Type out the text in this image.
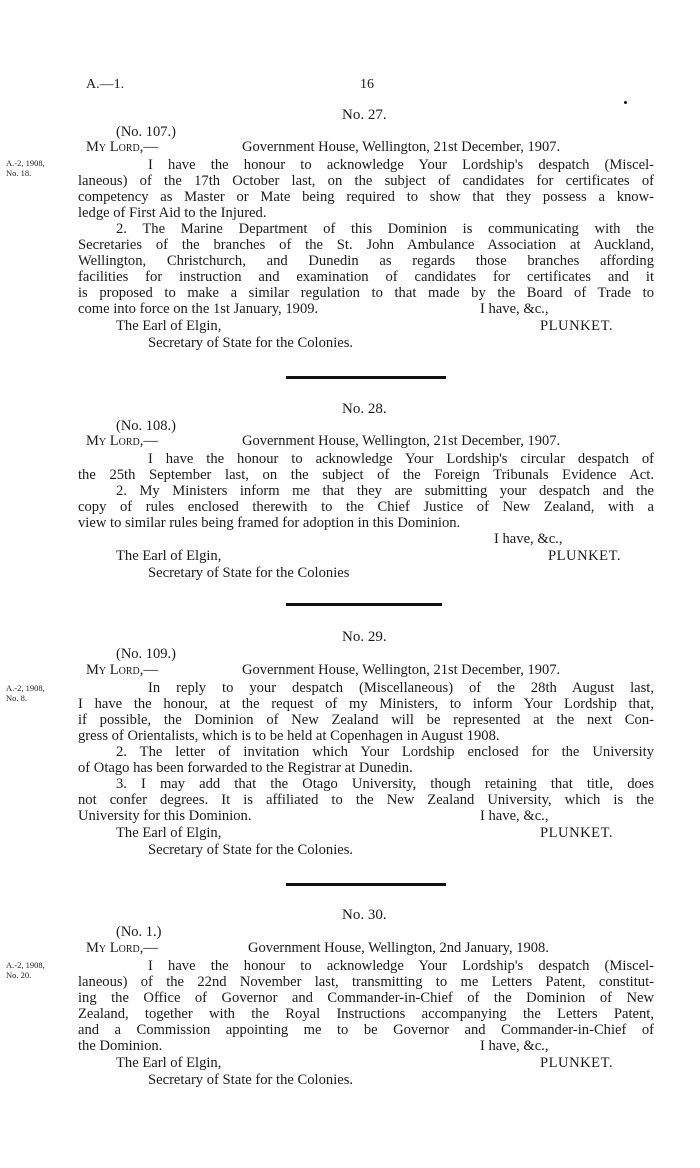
A.—1.	16
No. 27.
(No. 107.)
My Lord,—	Government House, Wellington, 21st December, 1907.
A.-2, 1908,
No. 18.	I have the honour to acknowledge Your Lordship's despatch (Miscel-
laneous) of the 17th October last, on the subject of candidates for certificates of
competency as Master or Mate being required to show that they possess a know-
ledge of First Aid to the Injured.
2. The Marine Department of this Dominion is communicating with the
Secretaries of the branches of the St. John Ambulance Association at Auckland,
Wellington, Christchurch, and Dunedin as regards those branches affording
facilities for instruction and examination of candidates for certificates and it
is proposed to make a similar regulation to that made by the Board of Trade to
come into force on the 1st January, 1909.	I have, &c.,
The Earl of Elgin,	PLUNKET.
Secretary of State for the Colonies.
No. 28.
(No. 108.)
My Lord,—	Government House, Wellington, 21st December, 1907.
I have the honour to acknowledge Your Lordship's circular despatch of
the 25th September last, on the subject of the Foreign Tribunals Evidence Act.
2. My Ministers inform me that they are submitting your despatch and the
copy of rules enclosed therewith to the Chief Justice of New Zealand, with a
view to similar rules being framed for adoption in this Dominion.
I have, &c.,
The Earl of Elgin,	PLUNKET.
Secretary of State for the Colonies
No. 29.
(No. 109.)
My Lord,—	Government House, Wellington, 21st December, 1907.
A.-2, 1908,
No. 8.
In reply to your despatch (Miscellaneous) of the 28th August last,
I have the honour, at the request of my Ministers, to inform Your Lordship that,
if possible, the Dominion of New Zealand will be represented at the next Con-
gress of Orientalists, which is to be held at Copenhagen in August 1908.
2. The letter of invitation which Your Lordship enclosed for the University
of Otago has been forwarded to the Registrar at Dunedin.
3. I may add that the Otago University, though retaining that title, does
not confer degrees. It is affiliated to the New Zealand University, which is the
University for this Dominion.	I have, &c.,
The Earl of Elgin,	PLUNKET.
Secretary of State for the Colonies.
No. 30.
(No. 1.)
My Lord,—	Government House, Wellington, 2nd January, 1908.
A.-2, 1908,
No. 20.
I have the honour to acknowledge Your Lordship's despatch (Miscel-
laneous) of the 22nd November last, transmitting to me Letters Patent, constitut-
ing the Office of Governor and Commander-in-Chief of the Dominion of New
Zealand, together with the Royal Instructions accompanying the Letters Patent,
and a Commission appointing me to be Governor and Commander-in-Chief of
the Dominion.	I have, &c.,
The Earl of Elgin,	PLUNKET.
Secretary of State for the Colonies.
